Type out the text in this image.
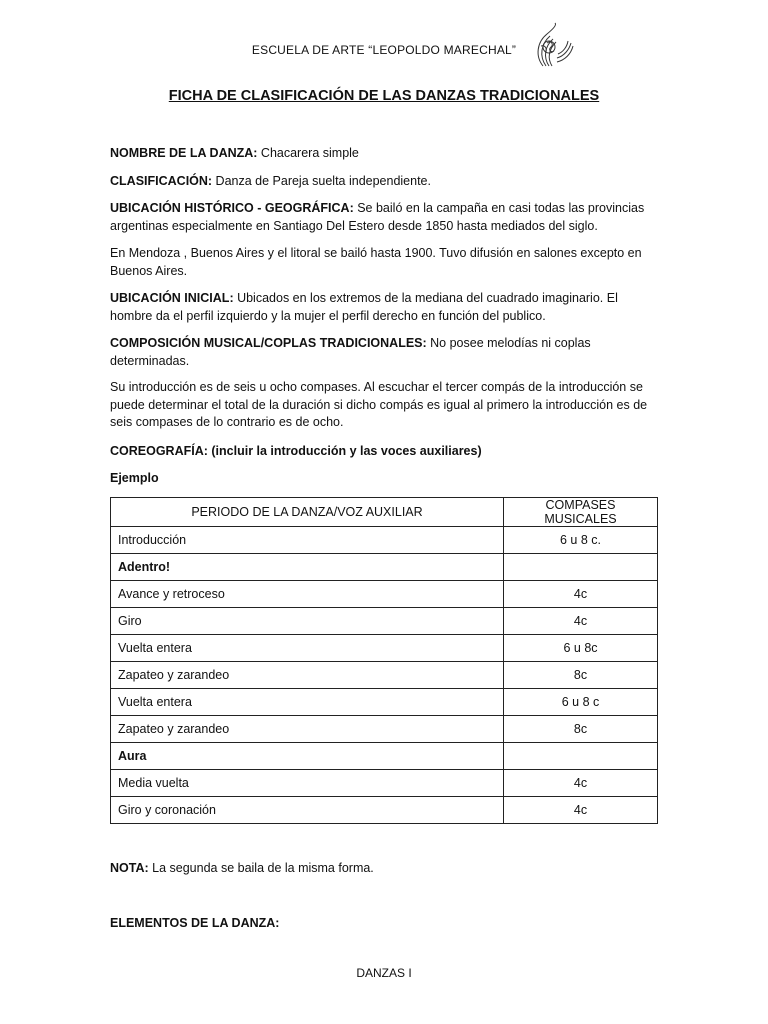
ESCUELA DE ARTE “LEOPOLDO MARECHAL”
FICHA DE CLASIFICACIÓN DE LAS DANZAS TRADICIONALES

NOMBRE DE LA DANZA: Chacarera simple

CLASIFICACIÓN: Danza de Pareja suelta independiente.

UBICACIÓN HISTÓRICO - GEOGRÁFICA: Se bailó en la campaña en casi todas las provincias argentinas especialmente en Santiago Del Estero desde 1850 hasta mediados del siglo.

En Mendoza , Buenos Aires y el litoral se bailó hasta 1900. Tuvo difusión en salones excepto en Buenos Aires.

UBICACIÓN INICIAL: Ubicados en los extremos de la mediana del cuadrado imaginario. El hombre da el perfil izquierdo y la mujer el perfil derecho en función del publico.

COMPOSICIÓN MUSICAL/COPLAS TRADICIONALES: No posee melodías ni coplas determinadas.

Su introducción es de seis u ocho compases. Al escuchar el tercer compás de la introducción se puede determinar el total de la duración si dicho compás es igual al primero la introducción es de seis compases de lo contrario es de ocho.

COREOGRAFÍA: (incluir la introducción y las voces auxiliares)

Ejemplo

PERIODO DE LA DANZA/VOZ AUXILIAR	COMPASES MUSICALES
Introducción	6 u 8 c.
Adentro!	
Avance y retroceso	4c
Giro	4c
Vuelta entera	6 u 8c
Zapateo y zarandeo	8c
Vuelta entera	6 u 8 c
Zapateo y zarandeo	8c
Aura	
Media vuelta	4c
Giro y coronación	4c

NOTA: La segunda se baila de la misma forma.

ELEMENTOS DE LA DANZA:

DANZAS I
